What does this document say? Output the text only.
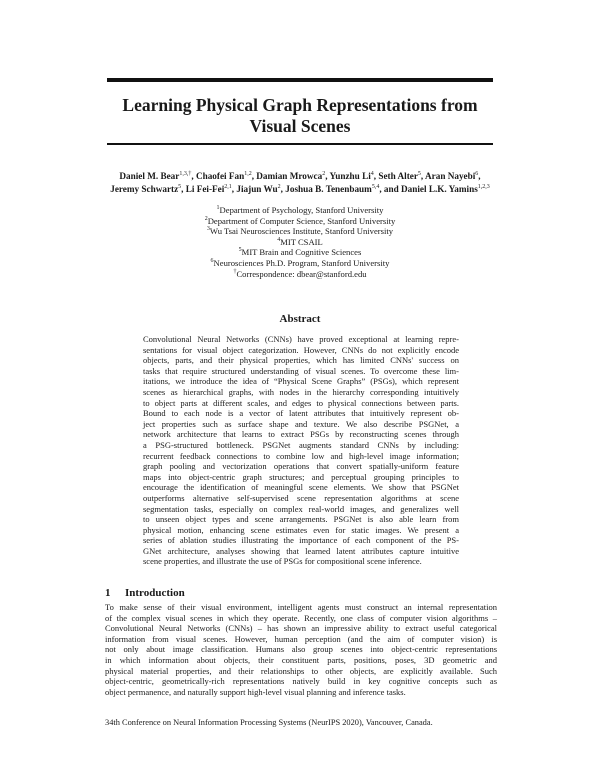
Learning Physical Graph Representations from
Visual Scenes
Daniel M. Bear$^{1,3,\dagger}$, Chaofei Fan$^{1,2}$, Damian Mrowca$^2$, Yunzhu Li$^4$, Seth Alter$^5$, Aran Nayebi$^6$,
Jeremy Schwartz$^5$, Li Fei-Fei$^{2,1}$, Jiajun Wu$^2$, Joshua B. Tenenbaum$^{5,4}$, and Daniel L.K. Yamins$^{1,2,3}$
$^1$Department of Psychology, Stanford University
$^2$Department of Computer Science, Stanford University
$^3$Wu Tsai Neurosciences Institute, Stanford University
$^4$MIT CSAIL
$^5$MIT Brain and Cognitive Sciences
$^6$Neurosciences Ph.D. Program, Stanford University
†Correspondence: dbear@stanford.edu
Abstract
Convolutional Neural Networks (CNNs) have proved exceptional at learning repre-
sentations for visual object categorization. However, CNNs do not explicitly encode
objects, parts, and their physical properties, which has limited CNNs' success on
tasks that require structured understanding of visual scenes. To overcome these lim-
itations, we introduce the idea of “Physical Scene Graphs” (PSGs), which represent
scenes as hierarchical graphs, with nodes in the hierarchy corresponding intuitively
to object parts at different scales, and edges to physical connections between parts.
Bound to each node is a vector of latent attributes that intuitively represent ob-
ject properties such as surface shape and texture. We also describe PSGNet, a
network architecture that learns to extract PSGs by reconstructing scenes through
a PSG-structured bottleneck. PSGNet augments standard CNNs by including:
recurrent feedback connections to combine low and high-level image information;
graph pooling and vectorization operations that convert spatially-uniform feature
maps into object-centric graph structures; and perceptual grouping principles to
encourage the identification of meaningful scene elements. We show that PSGNet
outperforms alternative self-supervised scene representation algorithms at scene
segmentation tasks, especially on complex real-world images, and generalizes well
to unseen object types and scene arrangements. PSGNet is also able learn from
physical motion, enhancing scene estimates even for static images. We present a
series of ablation studies illustrating the importance of each component of the PS-
GNet architecture, analyses showing that learned latent attributes capture intuitive
scene properties, and illustrate the use of PSGs for compositional scene inference.
1 Introduction
To make sense of their visual environment, intelligent agents must construct an internal representation
of the complex visual scenes in which they operate. Recently, one class of computer vision algorithms –
Convolutional Neural Networks (CNNs) – has shown an impressive ability to extract useful categorical
information from visual scenes. However, human perception (and the aim of computer vision) is
not only about image classification. Humans also group scenes into object-centric representations
in which information about objects, their constituent parts, positions, poses, 3D geometric and
physical material properties, and their relationships to other objects, are explicitly available. Such
object-centric, geometrically-rich representations natively build in key cognitive concepts such as
object permanence, and naturally support high-level visual planning and inference tasks.
34th Conference on Neural Information Processing Systems (NeurIPS 2020), Vancouver, Canada.
